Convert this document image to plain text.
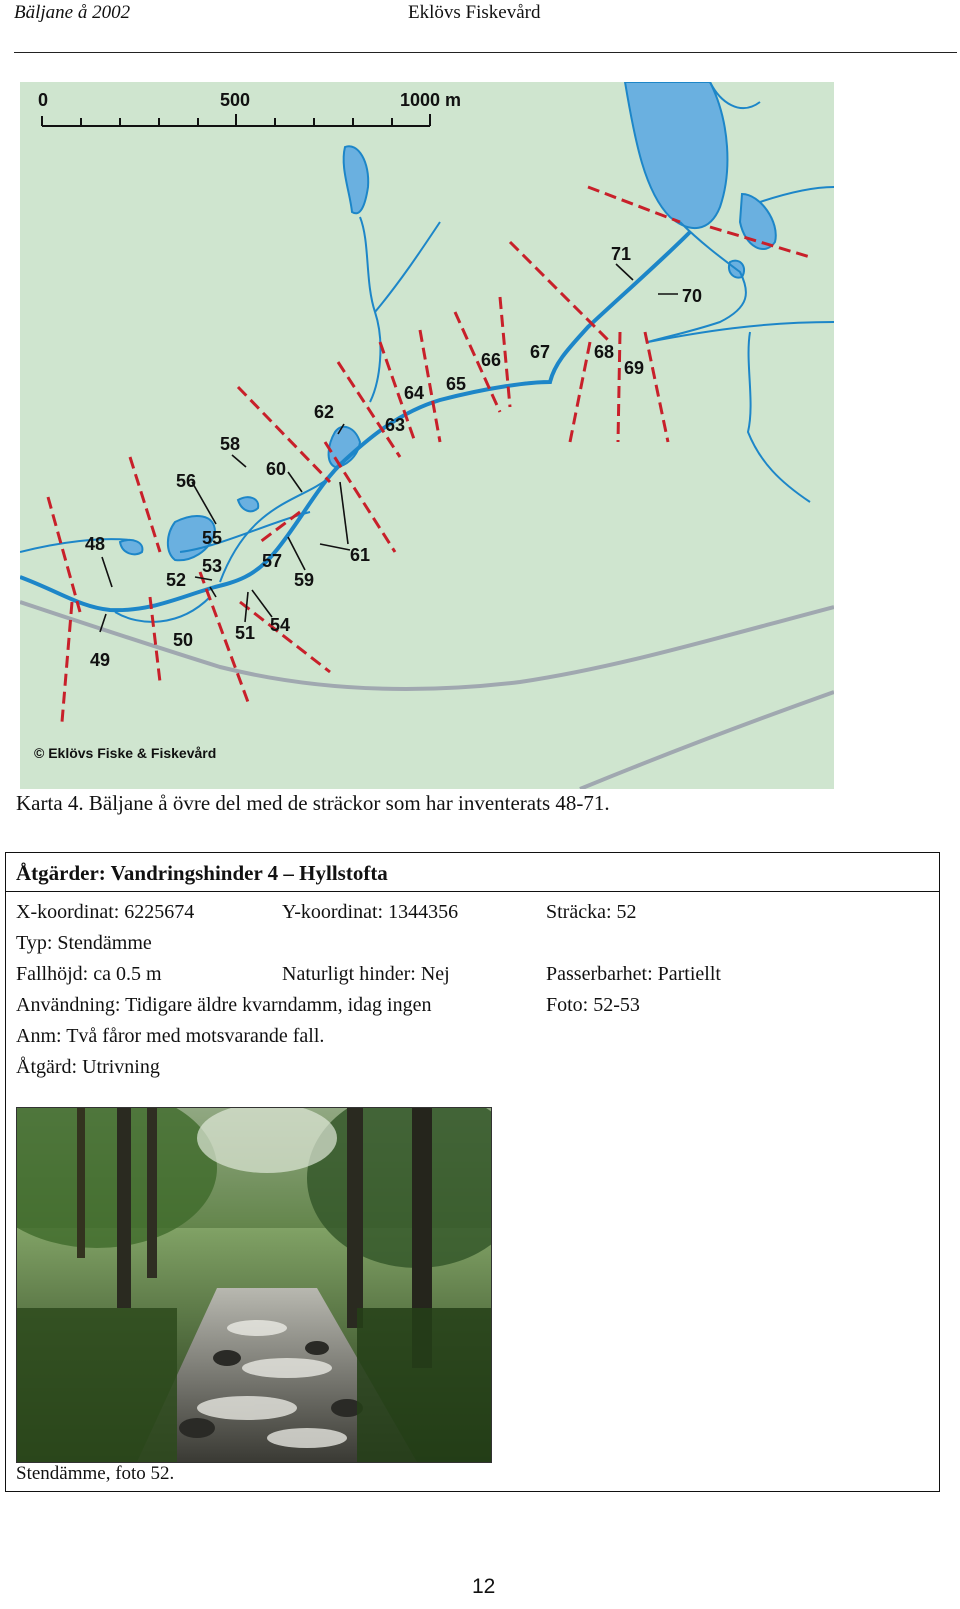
Bäljane å 2002	Eklövs Fiskevård
0	500	1000 m
48
49
50 51
52
53
54
55
56
57
58
59
60
61
62
63
64 65
66 67 68
69
70
71
© Eklövs Fiske & Fiskevård
Karta 4. Bäljane å övre del med de sträckor som har inventerats 48-71.
Åtgärder: Vandringshinder 4 – Hyllstofta
X-koordinat: 6225674	Y-koordinat: 1344356	Sträcka: 52
Typ: Stendämme
Fallhöjd: ca 0.5 m	Naturligt hinder: Nej	Passerbarhet: Partiellt
Användning: Tidigare äldre kvarndamm, idag ingen	Foto: 52-53
Anm: Två fåror med motsvarande fall.
Åtgärd: Utrivning
Stendämme, foto 52.
12
